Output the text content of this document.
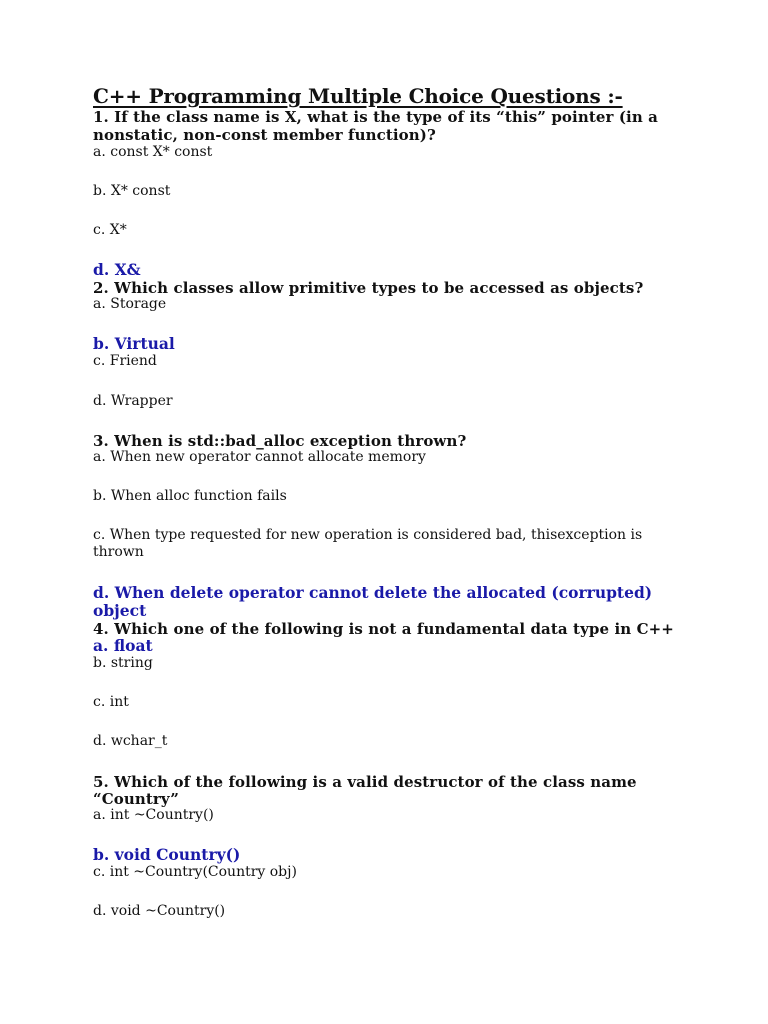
C++ Programming Multiple Choice Questions :-
1. If the class name is X, what is the type of its “this” pointer (in a
nonstatic, non-const member function)?
a. const X* const
b. X* const
c. X*
d. X&
2. Which classes allow primitive types to be accessed as objects?
a. Storage
b. Virtual
c. Friend
d. Wrapper
3. When is std::bad_alloc exception thrown?
a. When new operator cannot allocate memory
b. When alloc function fails
c. When type requested for new operation is considered bad, thisexception is
thrown
d. When delete operator cannot delete the allocated (corrupted)
object
4. Which one of the following is not a fundamental data type in C++
a. float
b. string
c. int
d. wchar_t
5. Which of the following is a valid destructor of the class name
“Country”
a. int ~Country()
b. void Country()
c. int ~Country(Country obj)
d. void ~Country()
